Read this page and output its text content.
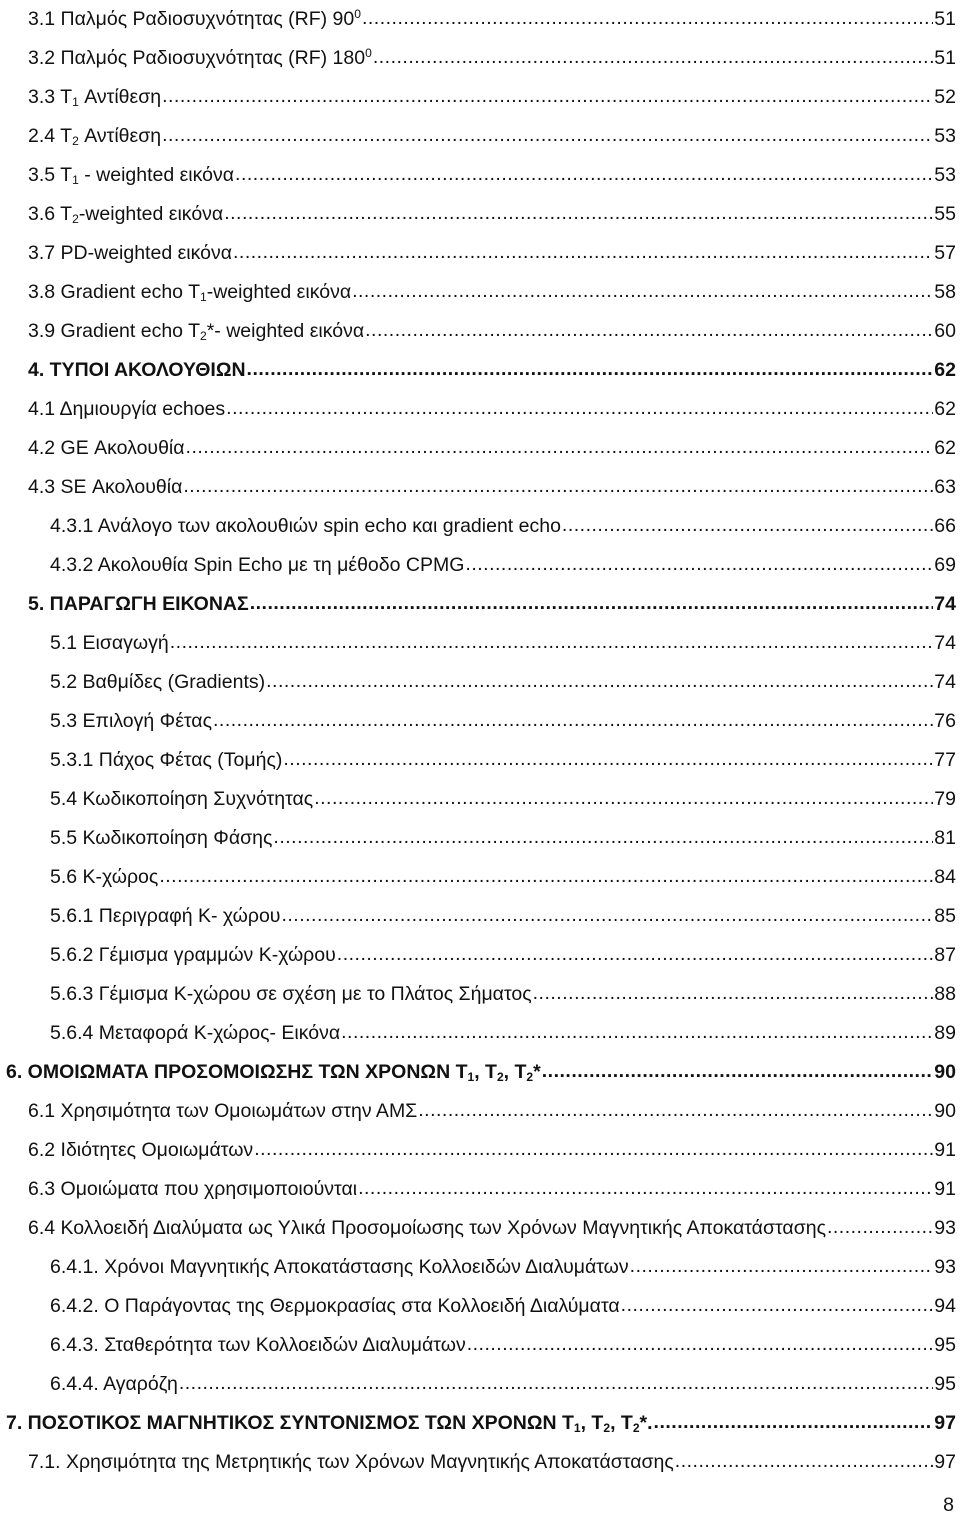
3.1 Παλμός Ραδιοσυχνότητας (RF) $90^0$ .....	51
3.2 Παλμός Ραδιοσυχνότητας (RF) $180^0$ .....	51
3.3 $T_1$ Αντίθεση .....	52
2.4 $T_2$ Αντίθεση .....	53
3.5 $T_1$ - weighted εικόνα .....	53
3.6 $T_2$-weighted εικόνα .....	55
3.7 PD-weighted εικόνα .....	57
3.8 Gradient echo $T_1$-weighted εικόνα .....	58
3.9 Gradient echo $T_2*-$ weighted εικόνα .....	60
4. ΤΥΠΟΙ ΑΚΟΛΟΥΘΙΩΝ .....	62
4.1 Δημιουργία echoes .....	62
4.2 GE Ακολουθία .....	62
4.3 SE Ακολουθία .....	63
4.3.1 Ανάλογο των ακολουθιών spin echo και gradient echo .....	66
4.3.2 Ακολουθία Spin Echo με τη μέθοδο CPMG .....	69
5. ΠΑΡΑΓΩΓΗ ΕΙΚΟΝΑΣ .....	74
5.1 Εισαγωγή .....	74
5.2 Βαθμίδες (Gradients) .....	74
5.3 Επιλογή Φέτας .....	76
5.3.1 Πάχος Φέτας (Τομής) .....	77
5.4 Κωδικοποίηση Συχνότητας .....	79
5.5 Κωδικοποίηση Φάσης .....	81
5.6 Κ-χώρος .....	84
5.6.1 Περιγραφή Κ- χώρου .....	85
5.6.2 Γέμισμα γραμμών Κ-χώρου .....	87
5.6.3 Γέμισμα Κ-χώρου σε σχέση με το Πλάτος Σήματος .....	88
5.6.4 Μεταφορά Κ-χώρος- Εικόνα .....	89
6. ΟΜΟΙΩΜΑΤΑ ΠΡΟΣΟΜΟΙΩΣΗΣ ΤΩΝ ΧΡΟΝΩΝ $T_1$, $T_2$, $T_2*$ .....	90
6.1 Χρησιμότητα των Ομοιωμάτων στην ΑΜΣ .....	90
6.2 Ιδιότητες Ομοιωμάτων .....	91
6.3 Ομοιώματα που χρησιμοποιούνται .....	91
6.4 Κολλοειδή Διαλύματα ως Υλικά Προσομοίωσης των Χρόνων Μαγνητικής Αποκατάστασης .....	93
6.4.1. Χρόνοι Μαγνητικής Αποκατάστασης Κολλοειδών Διαλυμάτων .....	93
6.4.2. Ο Παράγοντας της Θερμοκρασίας στα Κολλοειδή Διαλύματα .....	94
6.4.3. Σταθερότητα των Κολλοειδών Διαλυμάτων .....	95
6.4.4. Αγαρόζη .....	95
7. ΠΟΣΟΤΙΚΟΣ ΜΑΓΝΗΤΙΚΟΣ ΣΥΝΤΟΝΙΣΜΟΣ ΤΩΝ ΧΡΟΝΩΝ $T_1$, $T_2$, $T_2*$. .....	97
7.1. Χρησιμότητα της Μετρητικής των Χρόνων Μαγνητικής Αποκατάστασης .....	97
8
